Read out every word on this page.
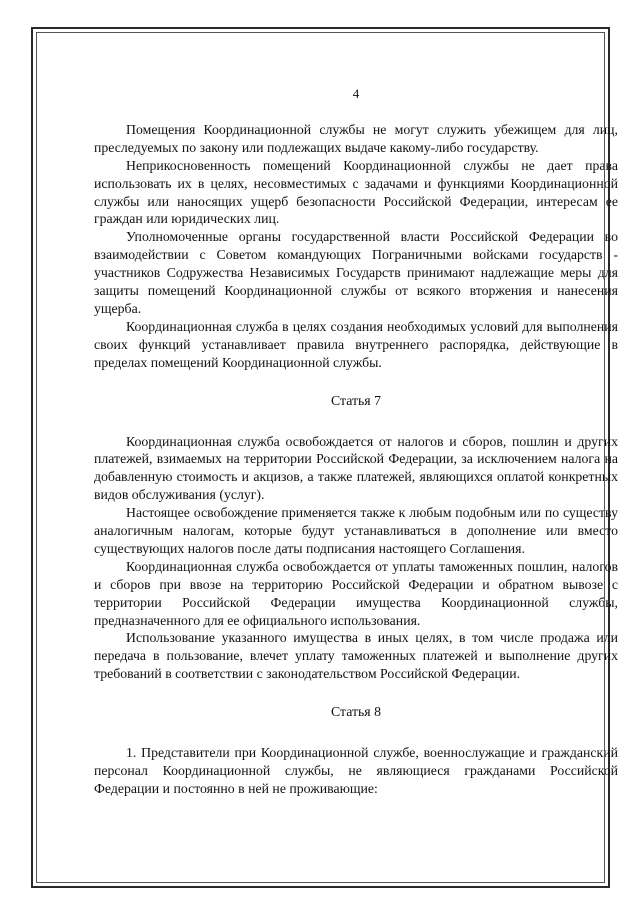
4

Помещения Координационной службы не могут служить убежищем для лиц, преследуемых по закону или подлежащих выдаче какому-либо государству.

Неприкосновенность помещений Координационной службы не дает права использовать их в целях, несовместимых с задачами и функциями Координационной службы или наносящих ущерб безопасности Российской Федерации, интересам ее граждан или юридических лиц.

Уполномоченные органы государственной власти Российской Федерации во взаимодействии с Советом командующих Пограничными войсками государств - участников Содружества Независимых Государств принимают надлежащие меры для защиты помещений Координационной службы от всякого вторжения и нанесения ущерба.

Координационная служба в целях создания необходимых условий для выполнения своих функций устанавливает правила внутреннего распорядка, действующие в пределах помещений Координационной службы.

Статья 7

Координационная служба освобождается от налогов и сборов, пошлин и других платежей, взимаемых на территории Российской Федерации, за исключением налога на добавленную стоимость и акцизов, а также платежей, являющихся оплатой конкретных видов обслуживания (услуг).

Настоящее освобождение применяется также к любым подобным или по существу аналогичным налогам, которые будут устанавливаться в дополнение или вместо существующих налогов после даты подписания настоящего Соглашения.

Координационная служба освобождается от уплаты таможенных пошлин, налогов и сборов при ввозе на территорию Российской Федерации и обратном вывозе с территории Российской Федерации имущества Координационной службы, предназначенного для ее официального использования.

Использование указанного имущества в иных целях, в том числе продажа или передача в пользование, влечет уплату таможенных платежей и выполнение других требований в соответствии с законодательством Российской Федерации.

Статья 8

1. Представители при Координационной службе, военнослужащие и гражданский персонал Координационной службы, не являющиеся гражданами Российской Федерации и постоянно в ней не проживающие:
